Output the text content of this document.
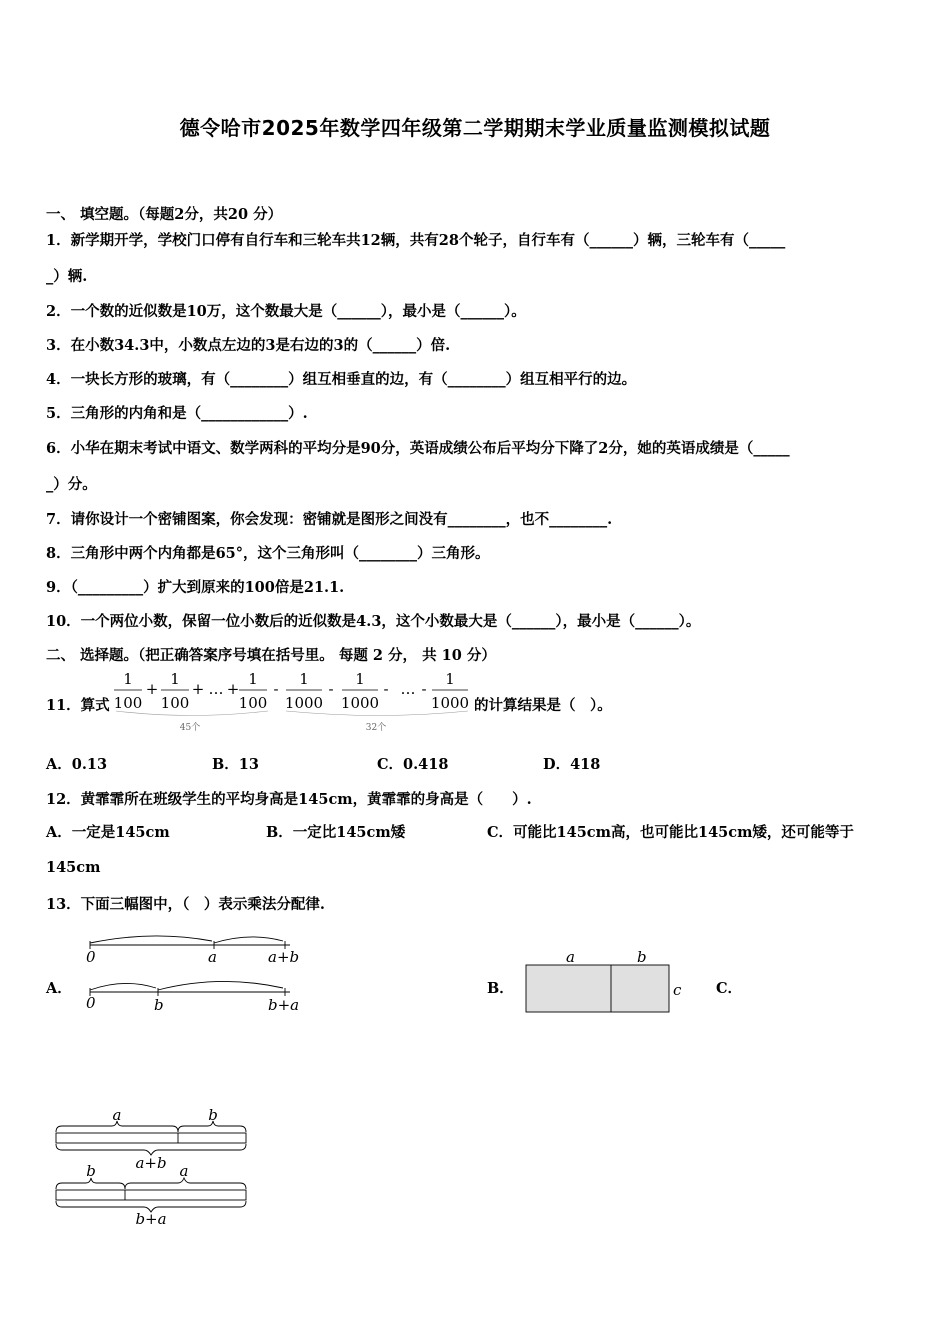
德令哈市2025年数学四年级第二学期期末学业质量监测模拟试题
一、 填空题。（每题2分，共20 分）
1．新学期开学，学校门口停有自行车和三轮车共12辆，共有28个轮子，自行车有（______）辆，三轮车有（_____
_）辆.
2．一个数的近似数是10万，这个数最大是（______），最小是（______）。
3．在小数34.3中，小数点左边的3是右边的3的（______）倍.
4．一块长方形的玻璃，有（________）组互相垂直的边，有（________）组互相平行的边。
5．三角形的内角和是（____________）.
6．小华在期末考试中语文、数学两科的平均分是90分，英语成绩公布后平均分下降了2分，她的英语成绩是（_____
_）分。
7．请你设计一个密铺图案，你会发现：密铺就是图形之间没有________，也不________.
8．三角形中两个内角都是65°，这个三角形叫（________）三角形。
9．（_________）扩大到原来的100倍是21.1.
10．一个两位小数，保留一位小数后的近似数是4.3，这个小数最大是（______），最小是（______）。
二、 选择题。（把正确答案序号填在括号里。 每题 2 分， 共 10 分）
11．算式
1
100
+
1
100
+ … +
1
100
-
1
1000
-
1
1000
- … -
1
1000
45个	32个
的计算结果是（　）。
A．0.13	B．13	C．0.418	D．418
12．黄霏霏所在班级学生的平均身高是145cm，黄霏霏的身高是（　　）.
A．一定是145cm	B．一定比145cm矮	C．可能比145cm高，也可能比145cm矮，还可能等于
145cm
13．下面三幅图中，（　）表示乘法分配律.
A．
0	a	a+b
0	b	b+a
B．
a	b
c C．
a	b
a+b
b	a
b+a
